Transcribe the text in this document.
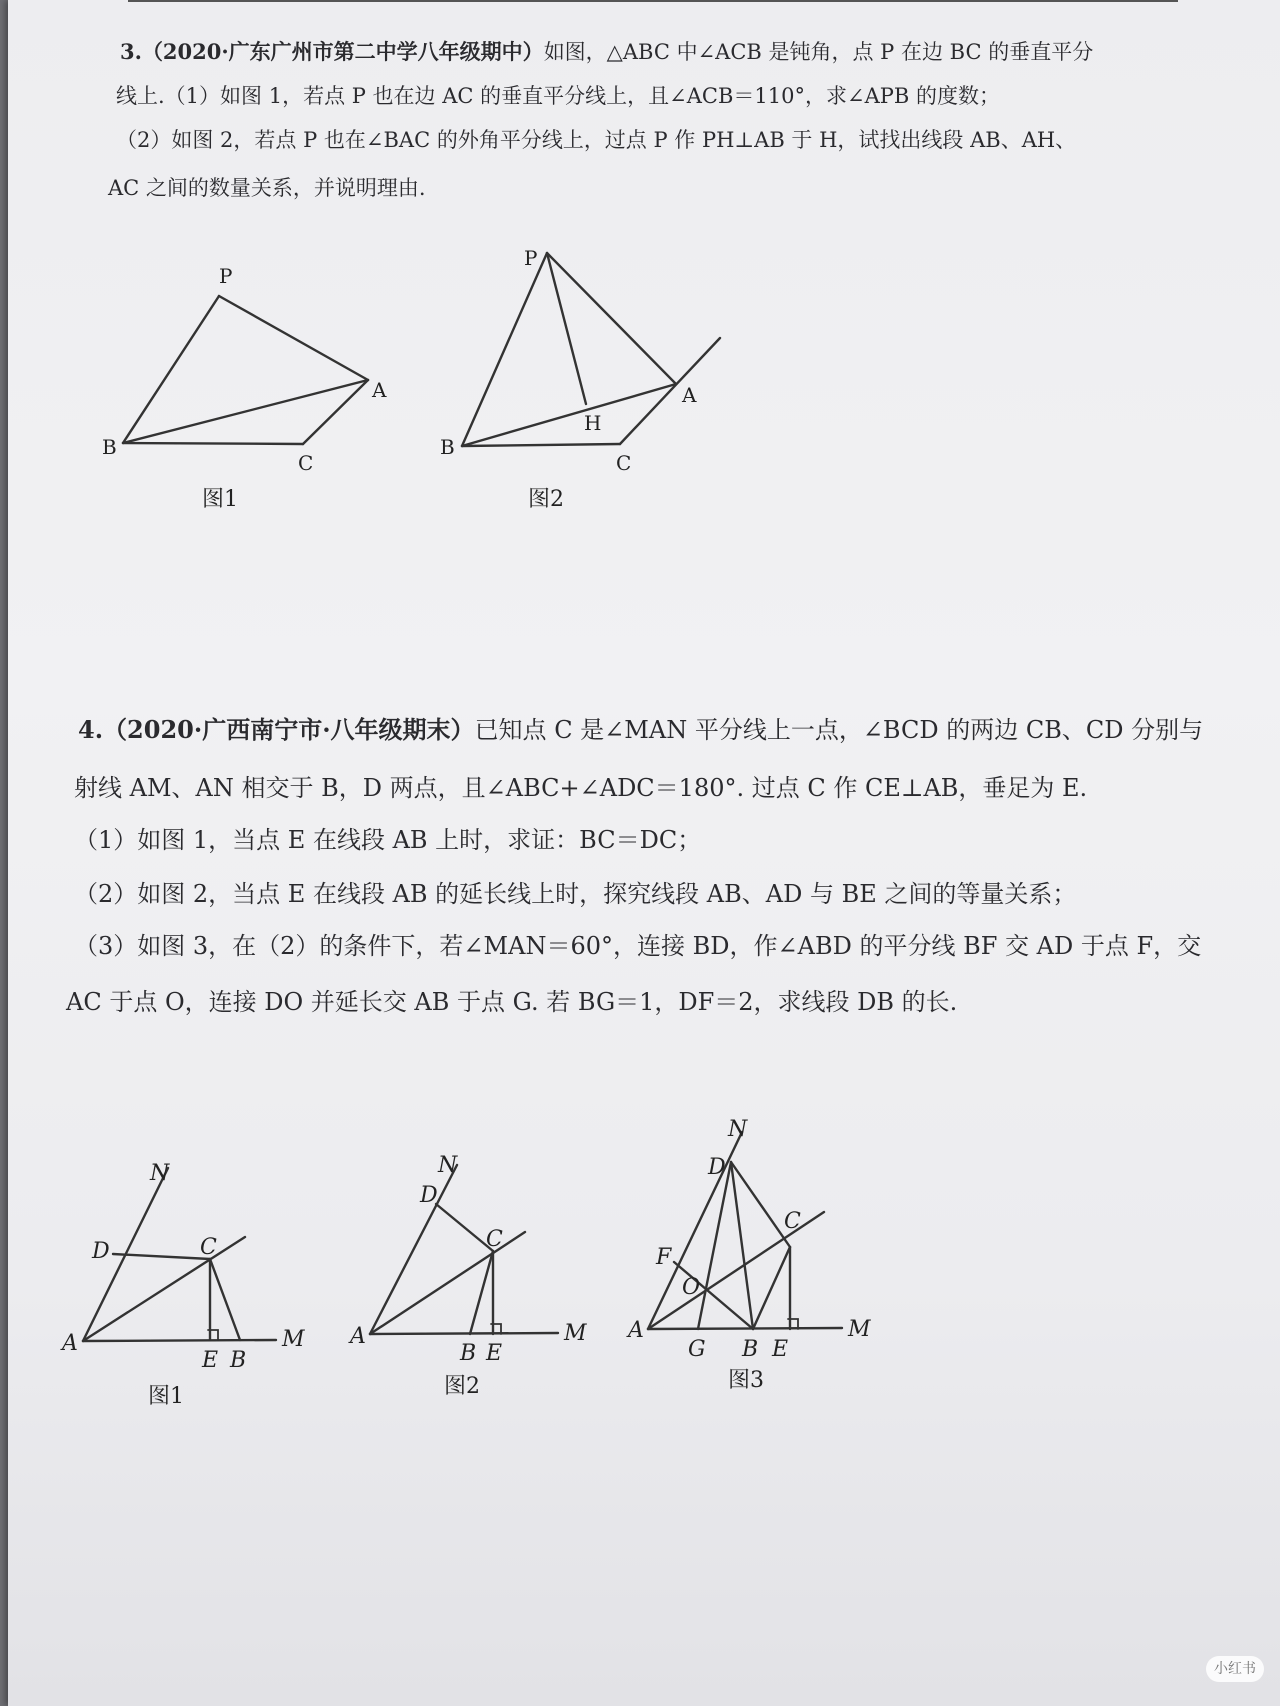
3.（2020·广东广州市第二中学八年级期中）如图，△ABC 中∠ACB 是钝角，点 P 在边 BC 的垂直平分
线上.（1）如图 1，若点 P 也在边 AC 的垂直平分线上，且∠ACB＝110°，求∠APB 的度数；
（2）如图 2，若点 P 也在∠BAC 的外角平分线上，过点 P 作 PH⊥AB 于 H，试找出线段 AB、AH、
AC 之间的数量关系，并说明理由.
4.（2020·广西南宁市·八年级期末）已知点 C 是∠MAN 平分线上一点，∠BCD 的两边 CB、CD 分别与
射线 AM、AN 相交于 B，D 两点，且∠ABC+∠ADC＝180°. 过点 C 作 CE⊥AB，垂足为 E.
（1）如图 1，当点 E 在线段 AB 上时，求证：BC＝DC；
（2）如图 2，当点 E 在线段 AB 的延长线上时，探究线段 AB、AD 与 BE 之间的等量关系；
（3）如图 3，在（2）的条件下，若∠MAN＝60°，连接 BD，作∠ABD 的平分线 BF 交 AD 于点 F，交
AC 于点 O，连接 DO 并延长交 AB 于点 G. 若 BG＝1，DF＝2，求线段 DB 的长.
P
A
B
C
图1
P
A
B
C
H
图2
N
D	C
A
E B
M
图1
N
D
C
A
B E
M
图2
N
D
C
F
O
A
G B E
M
图3
小红书
